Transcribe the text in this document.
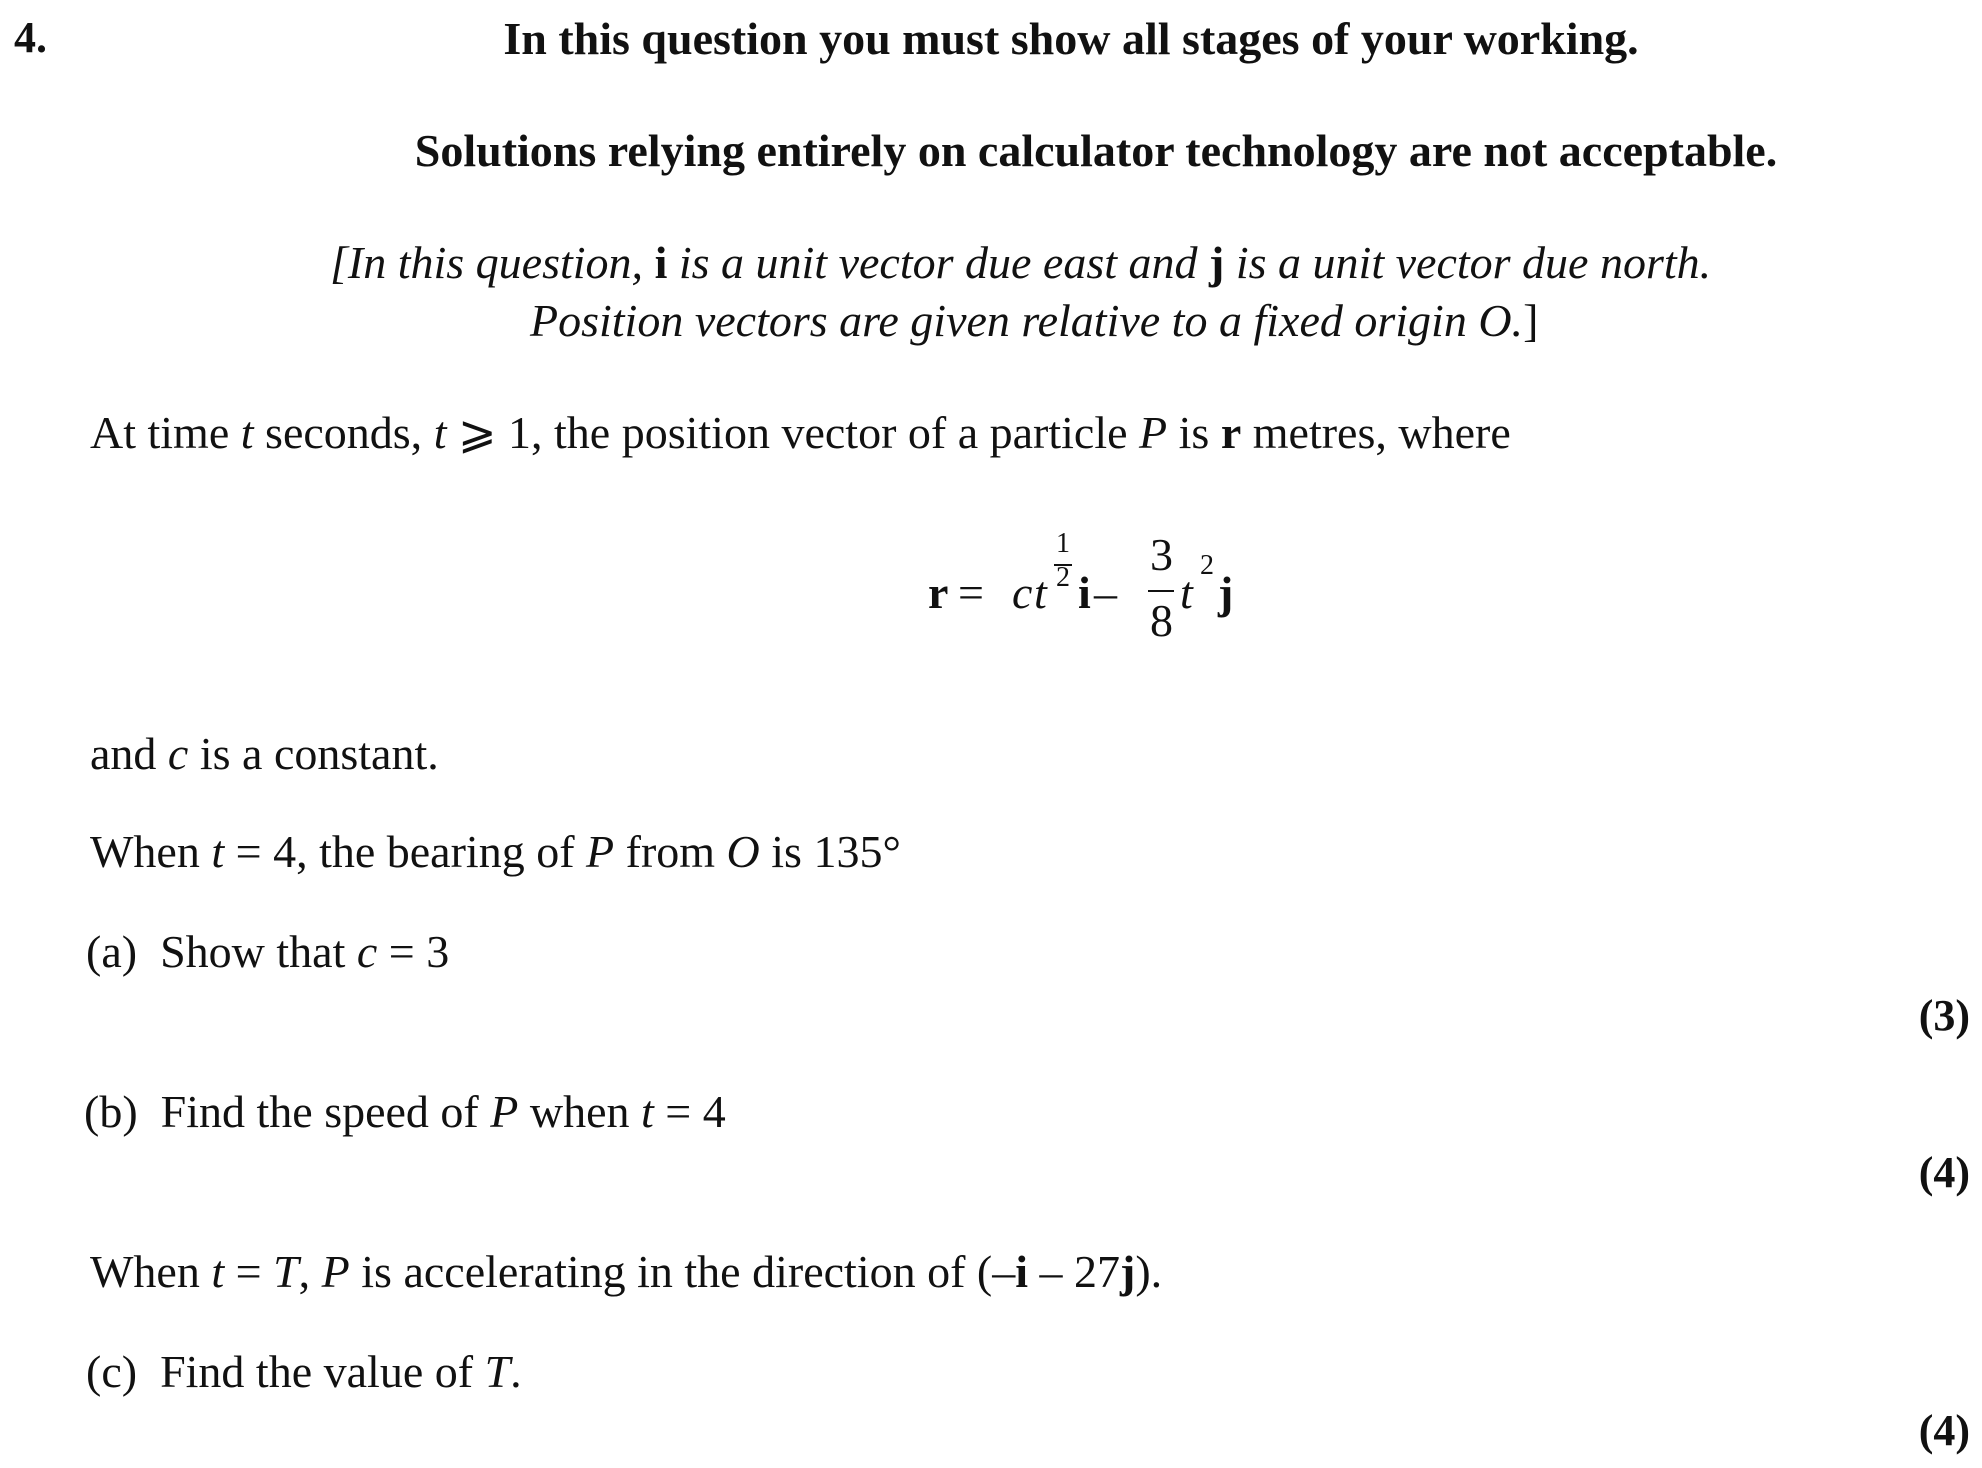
4.	In this question you must show all stages of your working.
Solutions relying entirely on calculator technology are not acceptable.
[In this question, i is a unit vector due east and j is a unit vector due north.
Position vectors are given relative to a fixed origin O.]
At time t seconds, t ⩾ 1, the position vector of a particle P is r metres, where
r = c t
1
2 i –
3
8
t
2
j
and c is a constant.
When t = 4, the bearing of P from O is 135°
(a) Show that c = 3
(3)
(b) Find the speed of P when t = 4
(4)
When t = T, P is accelerating in the direction of (–i – 27j).
(c) Find the value of T.
(4)
